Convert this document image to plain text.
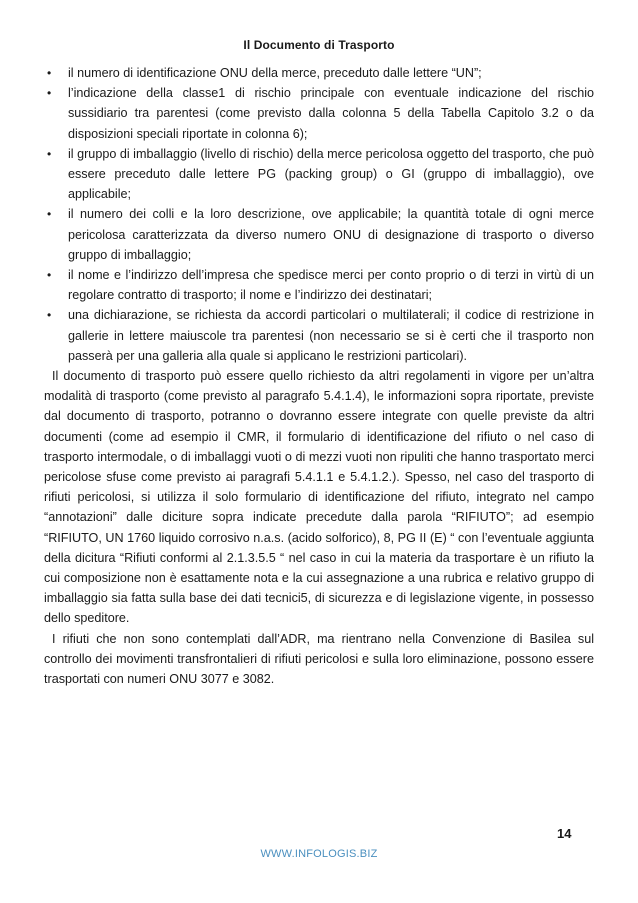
Il Documento di Trasporto
• il numero di identificazione ONU della merce, preceduto dalle lettere “UN”;
• l’indicazione della classe1 di rischio principale con eventuale indicazione del rischio sussidiario tra parentesi (come previsto dalla colonna 5 della Tabella Capitolo 3.2 o da disposizioni speciali riportate in colonna 6);
• il gruppo di imballaggio (livello di rischio) della merce pericolosa oggetto del trasporto, che può essere preceduto dalle lettere PG (packing group) o GI (gruppo di imballaggio), ove applicabile;
• il numero dei colli e la loro descrizione, ove applicabile; la quantità totale di ogni merce pericolosa caratterizzata da diverso numero ONU di designazione di trasporto o diverso gruppo di imballaggio;
• il nome e l’indirizzo dell’impresa che spedisce merci per conto proprio o di terzi in virtù di un regolare contratto di trasporto; il nome e l’indirizzo dei destinatari;
• una dichiarazione, se richiesta da accordi particolari o multilaterali; il codice di restrizione in gallerie in lettere maiuscole tra parentesi (non necessario se si è certi che il trasporto non passerà per una galleria alla quale si applicano le restrizioni particolari).

Il documento di trasporto può essere quello richiesto da altri regolamenti in vigore per un’altra modalità di trasporto (come previsto al paragrafo 5.4.1.4), le informazioni sopra riportate, previste dal documento di trasporto, potranno o dovranno essere integrate con quelle previste da altri documenti (come ad esempio il CMR, il formulario di identificazione del rifiuto o nel caso di trasporto intermodale, o di imballaggi vuoti o di mezzi vuoti non ripuliti che hanno trasportato merci pericolose sfuse come previsto ai paragrafi 5.4.1.1 e 5.4.1.2.). Spesso, nel caso del trasporto di rifiuti pericolosi, si utilizza il solo formulario di identificazione del rifiuto, integrato nel campo “annotazioni” dalle diciture sopra indicate precedute dalla parola “RIFIUTO”; ad esempio “RIFIUTO, UN 1760 liquido corrosivo n.a.s. (acido solforico), 8, PG II (E) “ con l’eventuale aggiunta della dicitura “Rifiuti conformi al 2.1.3.5.5 “ nel caso in cui la materia da trasportare è un rifiuto la cui composizione non è esattamente nota e la cui assegnazione a una rubrica e relativo gruppo di imballaggio sia fatta sulla base dei dati tecnici5, di sicurezza e di legislazione vigente, in possesso dello speditore.

I rifiuti che non sono contemplati dall’ADR, ma rientrano nella Convenzione di Basilea sul controllo dei movimenti transfrontalieri di rifiuti pericolosi e sulla loro eliminazione, possono essere trasportati con numeri ONU 3077 e 3082.

14
WWW.INFOLOGIS.BIZ
